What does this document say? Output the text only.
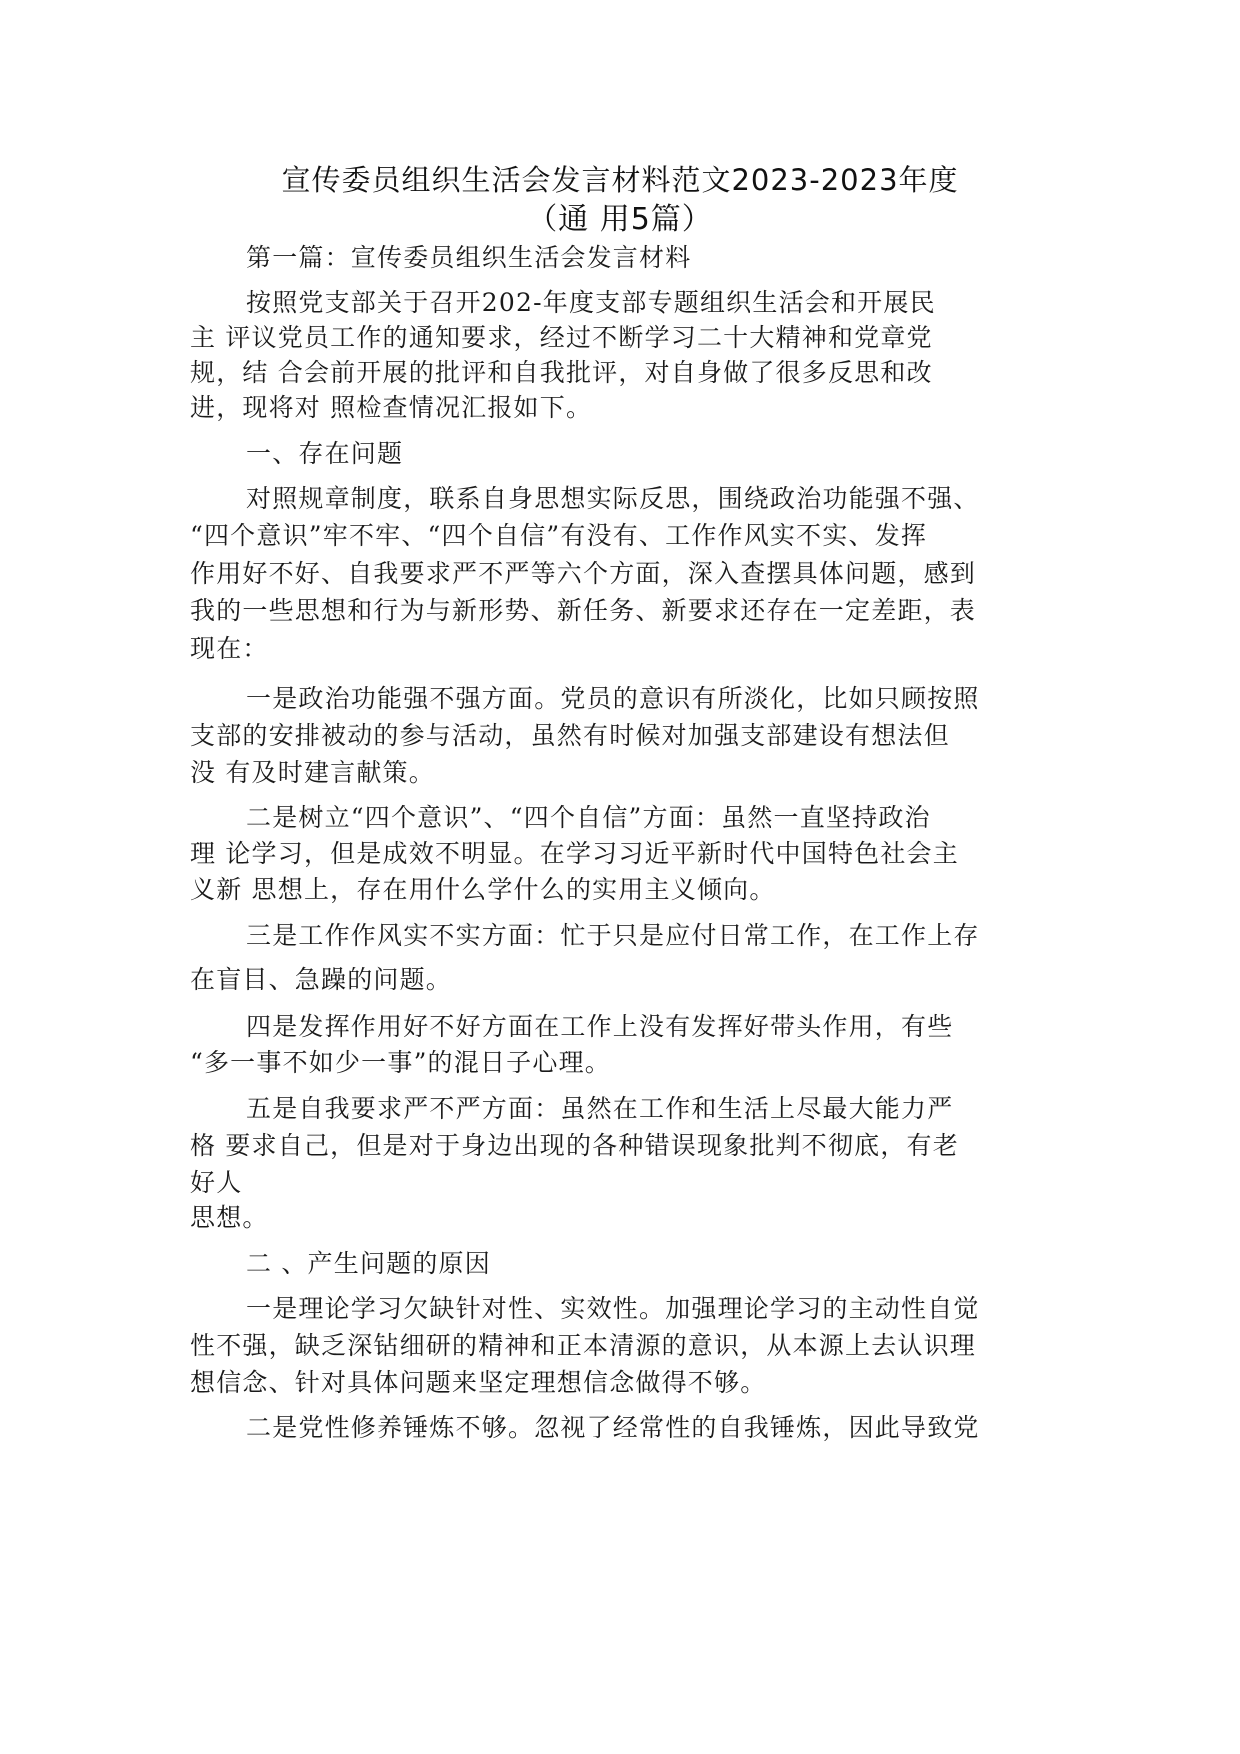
宣传委员组织生活会发言材料范文2023-2023年度
（通 用5篇）
第一篇：宣传委员组织生活会发言材料
按照党支部关于召开202-年度支部专题组织生活会和开展民
主 评议党员工作的通知要求，经过不断学习二十大精神和党章党
规，结 合会前开展的批评和自我批评，对自身做了很多反思和改
进，现将对 照检查情况汇报如下。
一、存在问题
对照规章制度，联系自身思想实际反思，围绕政治功能强不强、
“四个意识”牢不牢、“四个自信”有没有、工作作风实不实、发挥
作用好不好、自我要求严不严等六个方面，深入查摆具体问题，感到
我的一些思想和行为与新形势、新任务、新要求还存在一定差距，表
现在：
一是政治功能强不强方面。党员的意识有所淡化，比如只顾按照
支部的安排被动的参与活动，虽然有时候对加强支部建设有想法但
没 有及时建言献策。
二是树立“四个意识”、“四个自信”方面：虽然一直坚持政治
理 论学习，但是成效不明显。在学习习近平新时代中国特色社会主
义新 思想上，存在用什么学什么的实用主义倾向。
三是工作作风实不实方面：忙于只是应付日常工作，在工作上存
在盲目、急躁的问题。
四是发挥作用好不好方面在工作上没有发挥好带头作用，有些
“多一事不如少一事”的混日子心理。
五是自我要求严不严方面：虽然在工作和生活上尽最大能力严
格 要求自己，但是对于身边出现的各种错误现象批判不彻底，有老
好人
思想。
二 、产生问题的原因
一是理论学习欠缺针对性、实效性。加强理论学习的主动性自觉
性不强，缺乏深钻细研的精神和正本清源的意识，从本源上去认识理
想信念、针对具体问题来坚定理想信念做得不够。
二是党性修养锤炼不够。忽视了经常性的自我锤炼，因此导致党
